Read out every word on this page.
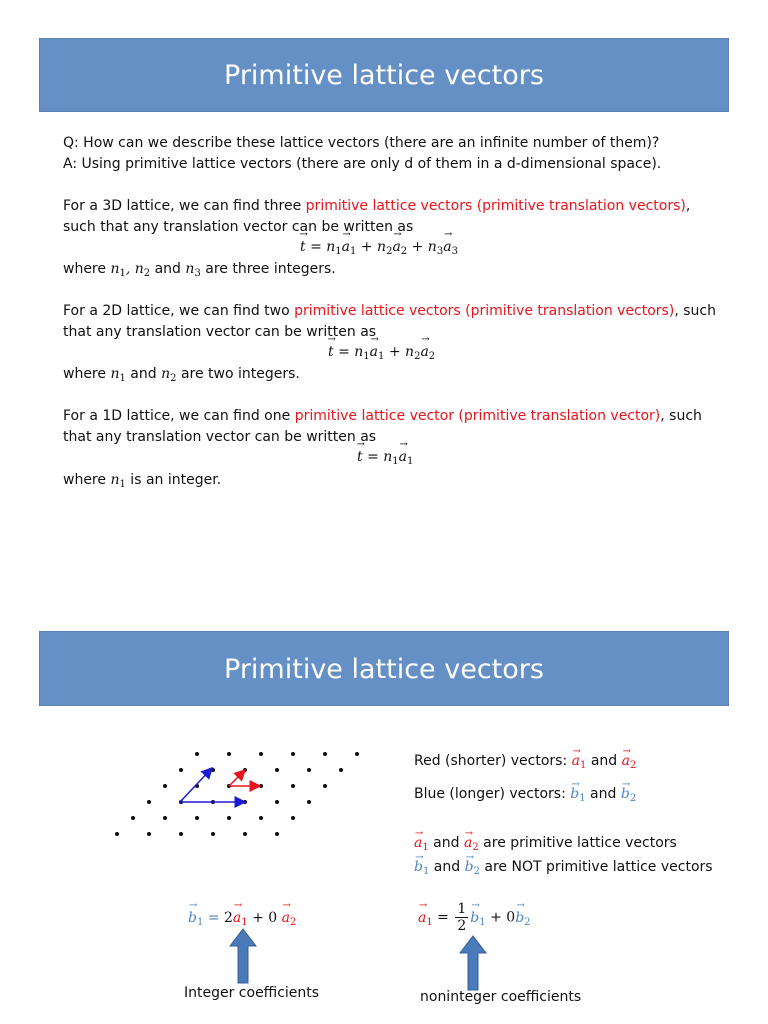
Primitive lattice vectors
Q: How can we describe these lattice vectors (there are an infinite number of them)?
A: Using primitive lattice vectors (there are only d of them in a d-dimensional space).
For a 3D lattice, we can find three primitive lattice vectors (primitive translation vectors),
such that any translation vector can be written as
→ $t = n_1\to a_1 + n_2\to a_2 + n_3\to a_3$
where $n_1$, $n_2$ and $n_3$ are three integers.
For a 2D lattice, we can find two primitive lattice vectors (primitive translation vectors), such
that any translation vector can be written as
→ $t = n_1\to a_1 + n_2\to a_2$
where $n_1$ and $n_2$ are two integers.
For a 1D lattice, we can find one primitive lattice vector (primitive translation vector), such
that any translation vector can be written as
→ $t = n_1\to a_1$
where $n_1$ is an integer.
Primitive lattice vectors
Red (shorter) vectors: → $a_1$ and → $a_2$
Blue (longer) vectors: → $b_1$ and → $b_2$
→ $a_1$ and → $a_2$ are primitive lattice vectors
→ $b_1$ and → $b_2$ are NOT primitive lattice vectors
→ $b_1 = 2\to a_1 + 0 \to a_2$
→	$a_1 = \frac{1}{2}$
→ $b_1 + 0\to b_2$
Integer coefficients	noninteger coefficients
